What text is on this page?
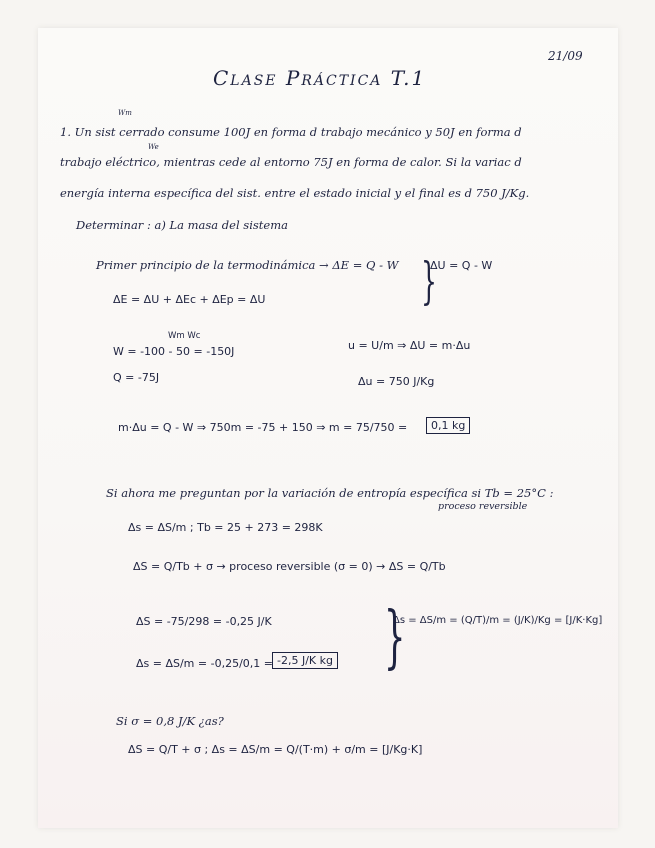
21/09
Clase Práctica T.1
Wm
1. Un sist cerrado consume 100J en forma d trabajo mecánico y 50J en forma d
We
trabajo eléctrico, mientras cede al entorno 75J en forma de calor. Si la variac d
energía interna específica del sist. entre el estado inicial y el final es d 750 J/Kg.
Determinar : a) La masa del sistema
Primer principio de la termodinámica → ΔE = Q - W }
ΔU = Q - W
ΔE = ΔU + ΔEc + ΔEp = ΔU
Wm Wc
W = -100 - 50 = -150J	u = U/m ⇒ ΔU = m·Δu
Q = -75J	Δu = 750 J/Kg
m·Δu = Q - W ⇒ 750m = -75 + 150 ⇒ m = 75/750 =	0,1 kg
Si ahora me preguntan por la variación de entropía específica si Tb = 25°C :
proceso reversible
Δs = ΔS/m ; Tb = 25 + 273 = 298K
ΔS = Q/Tb + σ → proceso reversible (σ = 0) → ΔS = Q/Tb
ΔS = -75/298 = -0,25 J/K }
Δs = ΔS/m = (Q/T)/m = (J/K)/Kg = [J/K·Kg]
Δs = ΔS/m = -0,25/0,1 = -2,5 J/K kg
Si σ = 0,8 J/K ¿as?
ΔS = Q/T + σ ; Δs = ΔS/m = Q/(T·m) + σ/m = [J/Kg·K]
